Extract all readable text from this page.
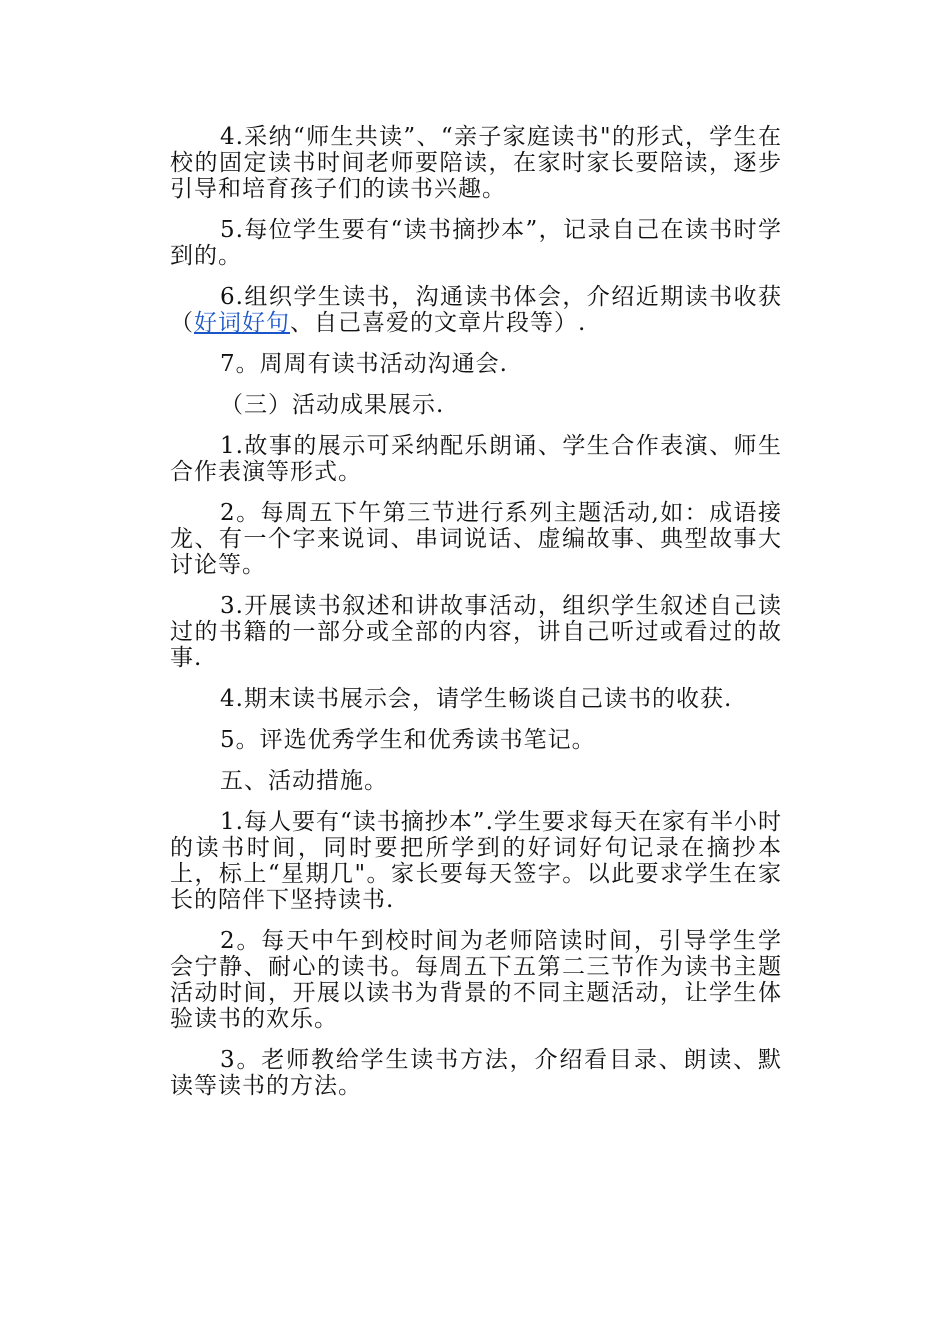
4.采纳“师生共读”、“亲子家庭读书"的形式，学生在校的固定读书时间老师要陪读，在家时家长要陪读，逐步引导和培育孩子们的读书兴趣。

5.每位学生要有“读书摘抄本”，记录自己在读书时学到的。

6.组织学生读书，沟通读书体会，介绍近期读书收获（好词好句、自己喜爱的文章片段等）.

7。周周有读书活动沟通会.

（三）活动成果展示.

1.故事的展示可采纳配乐朗诵、学生合作表演、师生合作表演等形式。

2。每周五下午第三节进行系列主题活动,如：成语接龙、有一个字来说词、串词说话、虚编故事、典型故事大讨论等。

3.开展读书叙述和讲故事活动，组织学生叙述自己读过的书籍的一部分或全部的内容，讲自己听过或看过的故事.

4.期末读书展示会，请学生畅谈自己读书的收获.

5。评选优秀学生和优秀读书笔记。

五、活动措施。

1.每人要有“读书摘抄本”.学生要求每天在家有半小时的读书时间，同时要把所学到的好词好句记录在摘抄本上，标上“星期几"。家长要每天签字。以此要求学生在家长的陪伴下坚持读书.

2。每天中午到校时间为老师陪读时间，引导学生学会宁静、耐心的读书。每周五下五第二三节作为读书主题活动时间，开展以读书为背景的不同主题活动，让学生体验读书的欢乐。

3。老师教给学生读书方法，介绍看目录、朗读、默读等读书的方法。
